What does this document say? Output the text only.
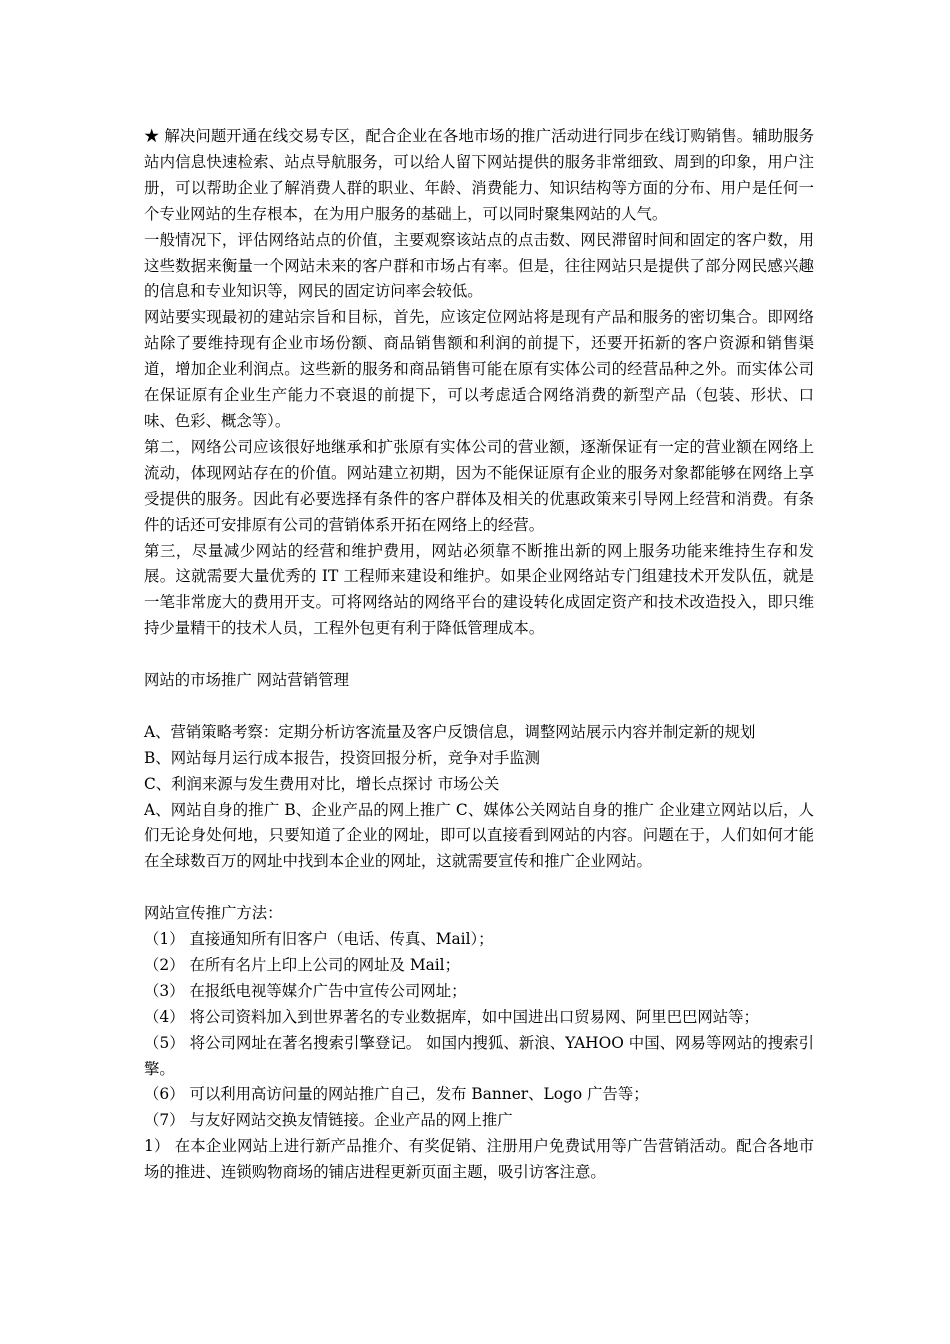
★ 解决问题开通在线交易专区，配合企业在各地市场的推广活动进行同步在线订购销售。辅助服务 站内信息快速检索、站点导航服务，可以给人留下网站提供的服务非常细致、周到的印象，用户注册，可以帮助企业了解消费人群的职业、年龄、消费能力、知识结构等方面的分布、用户是任何一个专业网站的生存根本，在为用户服务的基础上，可以同时聚集网站的人气。

一般情况下，评估网络站点的价值，主要观察该站点的点击数、网民滞留时间和固定的客户数，用这些数据来衡量一个网站未来的客户群和市场占有率。但是，往往网站只是提供了部分网民感兴趣的信息和专业知识等，网民的固定访问率会较低。

网站要实现最初的建站宗旨和目标，首先，应该定位网站将是现有产品和服务的密切集合。即网络站除了要维持现有企业市场份额、商品销售额和利润的前提下，还要开拓新的客户资源和销售渠道，增加企业利润点。这些新的服务和商品销售可能在原有实体公司的经营品种之外。而实体公司在保证原有企业生产能力不衰退的前提下，可以考虑适合网络消费的新型产品（包装、形状、口味、色彩、概念等）。

第二，网络公司应该很好地继承和扩张原有实体公司的营业额，逐渐保证有一定的营业额在网络上流动，体现网站存在的价值。网站建立初期，因为不能保证原有企业的服务对象都能够在网络上享受提供的服务。因此有必要选择有条件的客户群体及相关的优惠政策来引导网上经营和消费。有条件的话还可安排原有公司的营销体系开拓在网络上的经营。

第三，尽量减少网站的经营和维护费用，网站必须靠不断推出新的网上服务功能来维持生存和发展。这就需要大量优秀的 IT 工程师来建设和维护。如果企业网络站专门组建技术开发队伍，就是一笔非常庞大的费用开支。可将网络站的网络平台的建设转化成固定资产和技术改造投入，即只维持少量精干的技术人员，工程外包更有利于降低管理成本。

网站的市场推广 网站营销管理

A、营销策略考察：定期分析访客流量及客户反馈信息，调整网站展示内容并制定新的规划

B、网站每月运行成本报告，投资回报分析，竞争对手监测

C、利润来源与发生费用对比，增长点探讨 市场公关

A、网站自身的推广 B、企业产品的网上推广 C、媒体公关网站自身的推广 企业建立网站以后，人们无论身处何地，只要知道了企业的网址，即可以直接看到网站的内容。问题在于，人们如何才能在全球数百万的网址中找到本企业的网址，这就需要宣传和推广企业网站。

网站宣传推广方法：

（1） 直接通知所有旧客户（电话、传真、Mail）；

（2） 在所有名片上印上公司的网址及 Mail；

（3） 在报纸电视等媒介广告中宣传公司网址；

（4） 将公司资料加入到世界著名的专业数据库，如中国进出口贸易网、阿里巴巴网站等；

（5） 将公司网址在著名搜索引擎登记。 如国内搜狐、新浪、YAHOO 中国、网易等网站的搜索引擎。

（6） 可以利用高访问量的网站推广自己，发布 Banner、Logo 广告等；

（7） 与友好网站交换友情链接。企业产品的网上推广

1） 在本企业网站上进行新产品推介、有奖促销、注册用户免费试用等广告营销活动。配合各地市场的推进、连锁购物商场的铺店进程更新页面主题，吸引访客注意。
